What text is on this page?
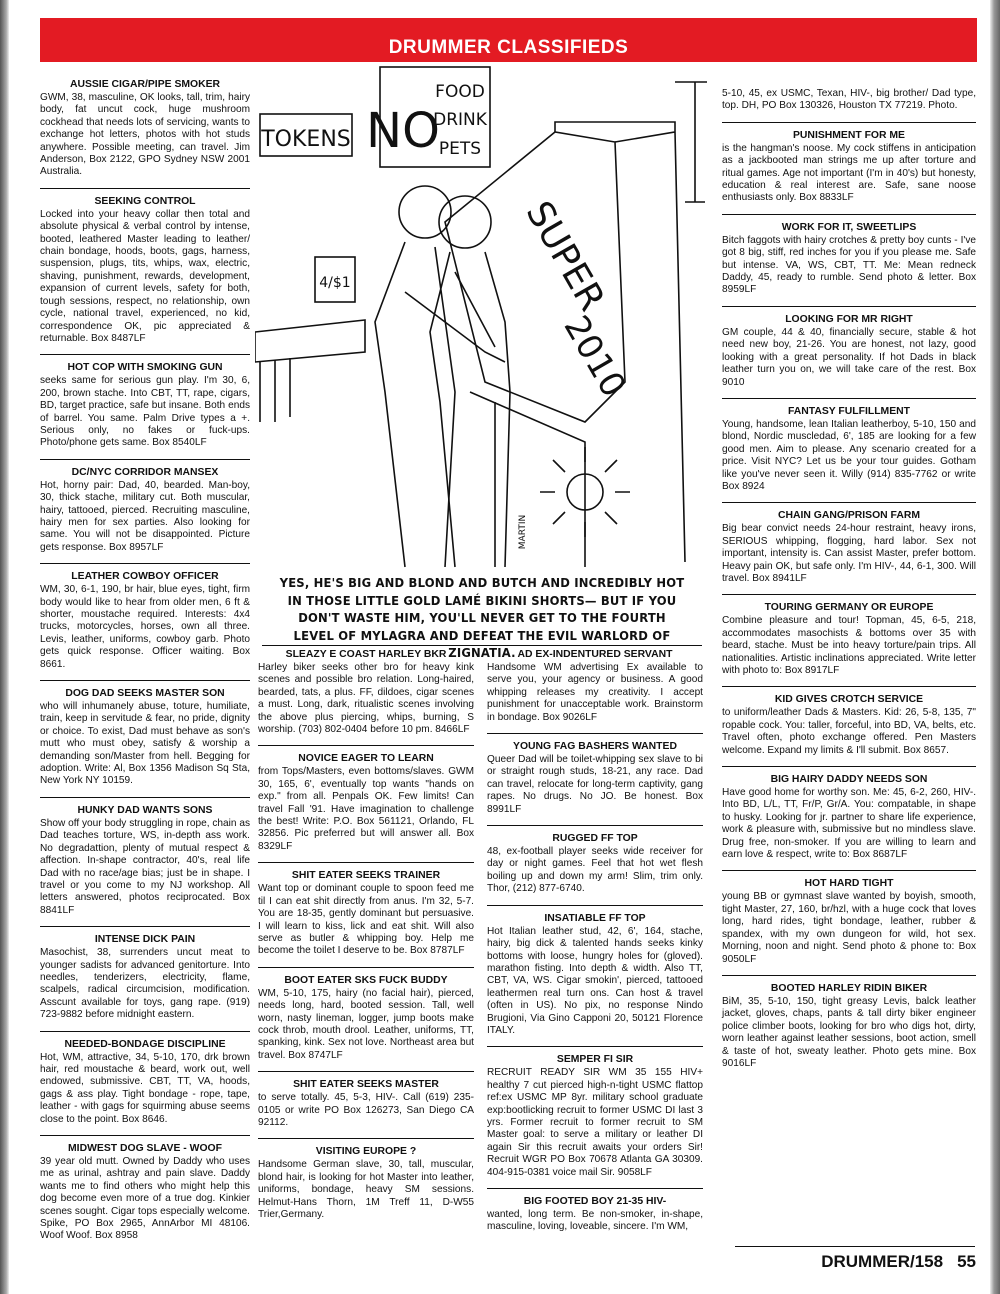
DRUMMER CLASSIFIEDS
AUSSIE CIGAR/PIPE SMOKER

GWM, 38, masculine, OK looks, tall, trim, hairy body, fat uncut cock, huge mushroom cockhead that needs lots of servicing, wants to exchange hot letters, photos with hot studs anywhere. Possible meeting, can travel. Jim Anderson, Box 2122, GPO Sydney NSW 2001 Australia.

SEEKING CONTROL

Locked into your heavy collar then total and absolute physical & verbal control by intense, booted, leathered Master leading to leather/ chain bondage, hoods, boots, gags, harness, suspension, plugs, tits, whips, wax, electric, shaving, punishment, rewards, development, expansion of current levels, safety for both, tough sessions, respect, no relationship, own cycle, national travel, experienced, no kid, correspondence OK, pic appreciated & returnable. Box 8487LF

HOT COP WITH SMOKING GUN

seeks same for serious gun play. I'm 30, 6, 200, brown stache. Into CBT, TT, rape, cigars, BD, target practice, safe but insane. Both ends of barrel. You same. Palm Drive types a +. Serious only, no fakes or fuck-ups. Photo/phone gets same. Box 8540LF

DC/NYC CORRIDOR MANSEX

Hot, horny pair: Dad, 40, bearded. Man-boy, 30, thick stache, military cut. Both muscular, hairy, tattooed, pierced. Recruiting masculine, hairy men for sex parties. Also looking for same. You will not be disappointed. Picture gets response. Box 8957LF

LEATHER COWBOY OFFICER

WM, 30, 6-1, 190, br hair, blue eyes, tight, firm body would like to hear from older men, 6 ft & shorter, moustache required. Interests: 4x4 trucks, motorcycles, horses, own all three. Levis, leather, uniforms, cowboy garb. Photo gets quick response. Officer waiting. Box 8661.

DOG DAD SEEKS MASTER SON

who will inhumanely abuse, toture, humiliate, train, keep in servitude & fear, no pride, dignity or choice. To exist, Dad must behave as son's mutt who must obey, satisfy & worship a demanding son/Master from hell. Begging for adoption. Write: Al, Box 1356 Madison Sq Sta, New York NY 10159.

HUNKY DAD WANTS SONS

Show off your body struggling in rope, chain as Dad teaches torture, WS, in-depth ass work. No degradattion, plenty of mutual respect & affection. In-shape contractor, 40's, real life Dad with no race/age bias; just be in shape. I travel or you come to my NJ workshop. All letters answered, photos reciprocated. Box 8841LF

INTENSE DICK PAIN

Masochist, 38, surrenders uncut meat to younger sadists for advanced genitorture. Into needles, tenderizers, electricity, flame, scalpels, radical circumcision, modification. Asscunt available for toys, gang rape. (919) 723-9882 before midnight eastern.

NEEDED-BONDAGE DISCIPLINE

Hot, WM, attractive, 34, 5-10, 170, drk brown hair, red moustache & beard, work out, well endowed, submissive. CBT, TT, VA, hoods, gags & ass play. Tight bondage - rope, tape, leather - with gags for squirming abuse seems close to the point. Box 8646.

MIDWEST DOG SLAVE - WOOF

39 year old mutt. Owned by Daddy who uses me as urinal, ashtray and pain slave. Daddy wants me to find others who might help this dog become even more of a true dog. Kinkier scenes sought. Cigar tops especially welcome. Spike, PO Box 2965, AnnArbor MI 48106. Woof Woof. Box 8958

NO
FOOD
DRINK
PETS
TOKENS
4/$1	SUPER
2010
MARTIN
YES, HE'S BIG AND BLOND AND BUTCH AND INCREDIBLY HOT IN THOSE LITTLE GOLD LAMÉ BIKINI SHORTS— BUT IF YOU DON'T WASTE HIM, YOU'LL NEVER GET TO THE FOURTH LEVEL OF MYLAGRA AND DEFEAT THE EVIL WARLORD OF ZIGNATIA.
SLEAZY E COAST HARLEY BKR

Harley biker seeks other bro for heavy kink scenes and possible bro relation. Long-haired, bearded, tats, a plus. FF, dildoes, cigar scenes a must. Long, dark, ritualistic scenes involving the above plus piercing, whips, burning, S worship. (703) 802-0404 before 10 pm. 8466LF

NOVICE EAGER TO LEARN

from Tops/Masters, even bottoms/slaves. GWM 30, 165, 6', eventually top wants "hands on exp." from all. Penpals OK. Few limits! Can travel Fall '91. Have imagination to challenge the best! Write: P.O. Box 561121, Orlando, FL 32856. Pic preferred but will answer all. Box 8329LF

SHIT EATER SEEKS TRAINER

Want top or dominant couple to spoon feed me til I can eat shit directly from anus. I'm 32, 5-7. You are 18-35, gently dominant but persuasive. I will learn to kiss, lick and eat shit. Will also serve as butler & whipping boy. Help me become the toilet I deserve to be. Box 8787LF

BOOT EATER SKS FUCK BUDDY

WM, 5-10, 175, hairy (no facial hair), pierced, needs long, hard, booted session. Tall, well worn, nasty lineman, logger, jump boots make cock throb, mouth drool. Leather, uniforms, TT, spanking, kink. Sex not love. Northeast area but travel. Box 8747LF

SHIT EATER SEEKS MASTER

to serve totally. 45, 5-3, HIV-. Call (619) 235-0105 or write PO Box 126273, San Diego CA 92112.

VISITING EUROPE ?

Handsome German slave, 30, tall, muscular, blond hair, is looking for hot Master into leather, uniforms, bondage, heavy SM sessions. Helmut-Hans Thorn, 1M Treff 11, D-W55 Trier,Germany.

AD EX-INDENTURED SERVANT

Handsome WM advertising Ex available to serve you, your agency or business. A good whipping releases my creativity. I accept punishment for unacceptable work. Brainstorm in bondage. Box 9026LF

YOUNG FAG BASHERS WANTED

Queer Dad will be toilet-whipping sex slave to bi or straight rough studs, 18-21, any race. Dad can travel, relocate for long-term captivity, gang rapes. No drugs. No JO. Be honest. Box 8991LF

RUGGED FF TOP

48, ex-football player seeks wide receiver for day or night games. Feel that hot wet flesh boiling up and down my arm! Slim, trim only. Thor, (212) 877-6740.

INSATIABLE FF TOP

Hot Italian leather stud, 42, 6', 164, stache, hairy, big dick & talented hands seeks kinky bottoms with loose, hungry holes for (gloved). marathon fisting. Into depth & width. Also TT, CBT, VA, WS. Cigar smokin', pierced, tattooed leathermen real turn ons. Can host & travel (often in US). No pix, no response Nindo Brugioni, Via Gino Capponi 20, 50121 Florence ITALY.

SEMPER FI SIR

RECRUIT READY SIR WM 35 155 HIV+ healthy 7 cut pierced high-n-tight USMC flattop ref:ex USMC MP 8yr. military school graduate exp:bootlicking recruit to former USMC DI last 3 yrs. Former recruit to former recruit to SM Master goal: to serve a military or leather DI again Sir this recruit awaits your orders Sir! Recruit WGR PO Box 70678 Atlanta GA 30309. 404-915-0381 voice mail Sir. 9058LF

BIG FOOTED BOY 21-35 HIV-

wanted, long term. Be non-smoker, in-shape, masculine, loving, loveable, sincere. I'm WM,

5-10, 45, ex USMC, Texan, HIV-, big brother/ Dad type, top. DH, PO Box 130326, Houston TX 77219. Photo.

PUNISHMENT FOR ME

is the hangman's noose. My cock stiffens in anticipation as a jackbooted man strings me up after torture and ritual games. Age not important (I'm in 40's) but honesty, education & real interest are. Safe, sane noose enthusiasts only. Box 8833LF

WORK FOR IT, SWEETLIPS

Bitch faggots with hairy crotches & pretty boy cunts - I've got 8 big, stiff, red inches for you if you please me. Safe but intense. VA, WS, CBT, TT. Me: Mean redneck Daddy, 45, ready to rumble. Send photo & letter. Box 8959LF

LOOKING FOR MR RIGHT

GM couple, 44 & 40, financially secure, stable & hot need new boy, 21-26. You are honest, not lazy, good looking with a great personality. If hot Dads in black leather turn you on, we will take care of the rest. Box 9010

FANTASY FULFILLMENT

Young, handsome, lean Italian leatherboy, 5-10, 150 and blond, Nordic muscledad, 6', 185 are looking for a few good men. Aim to please. Any scenario created for a price. Visit NYC? Let us be your tour guides. Gotham like you've never seen it. Willy (914) 835-7762 or write Box 8924

CHAIN GANG/PRISON FARM

Big bear convict needs 24-hour restraint, heavy irons, SERIOUS whipping, flogging, hard labor. Sex not important, intensity is. Can assist Master, prefer bottom. Heavy pain OK, but safe only. I'm HIV-, 44, 6-1, 300. Will travel. Box 8941LF

TOURING GERMANY OR EUROPE

Combine pleasure and tour! Topman, 45, 6-5, 218, accommodates masochists & bottoms over 35 with beard, stache. Must be into heavy torture/pain trips. All nationalities. Artistic inclinations appreciated. Write letter with photo to: Box 8917LF

KID GIVES CROTCH SERVICE

to uniform/leather Dads & Masters. Kid: 26, 5-8, 135, 7" ropable cock. You: taller, forceful, into BD, VA, belts, etc. Travel often, photo exchange offered. Pen Masters welcome. Expand my limits & I'll submit. Box 8657.

BIG HAIRY DADDY NEEDS SON

Have good home for worthy son. Me: 45, 6-2, 260, HIV-. Into BD, L/L, TT, Fr/P, Gr/A. You: compatable, in shape to husky. Looking for jr. partner to share life experience, work & pleasure with, submissive but no mindless slave. Drug free, non-smoker. If you are willing to learn and earn love & respect, write to: Box 8687LF

HOT HARD TIGHT

young BB or gymnast slave wanted by boyish, smooth, tight Master, 27, 160, br/hzl, with a huge cock that loves long, hard rides, tight bondage, leather, rubber & spandex, with my own dungeon for wild, hot sex. Morning, noon and night. Send photo & phone to: Box 9050LF

BOOTED HARLEY RIDIN BIKER

BiM, 35, 5-10, 150, tight greasy Levis, balck leather jacket, gloves, chaps, pants & tall dirty biker engineer police climber boots, looking for bro who digs hot, dirty, worn leather against leather sessions, boot action, smell & taste of hot, sweaty leather. Photo gets mine. Box 9016LF

DRUMMER/158 55
